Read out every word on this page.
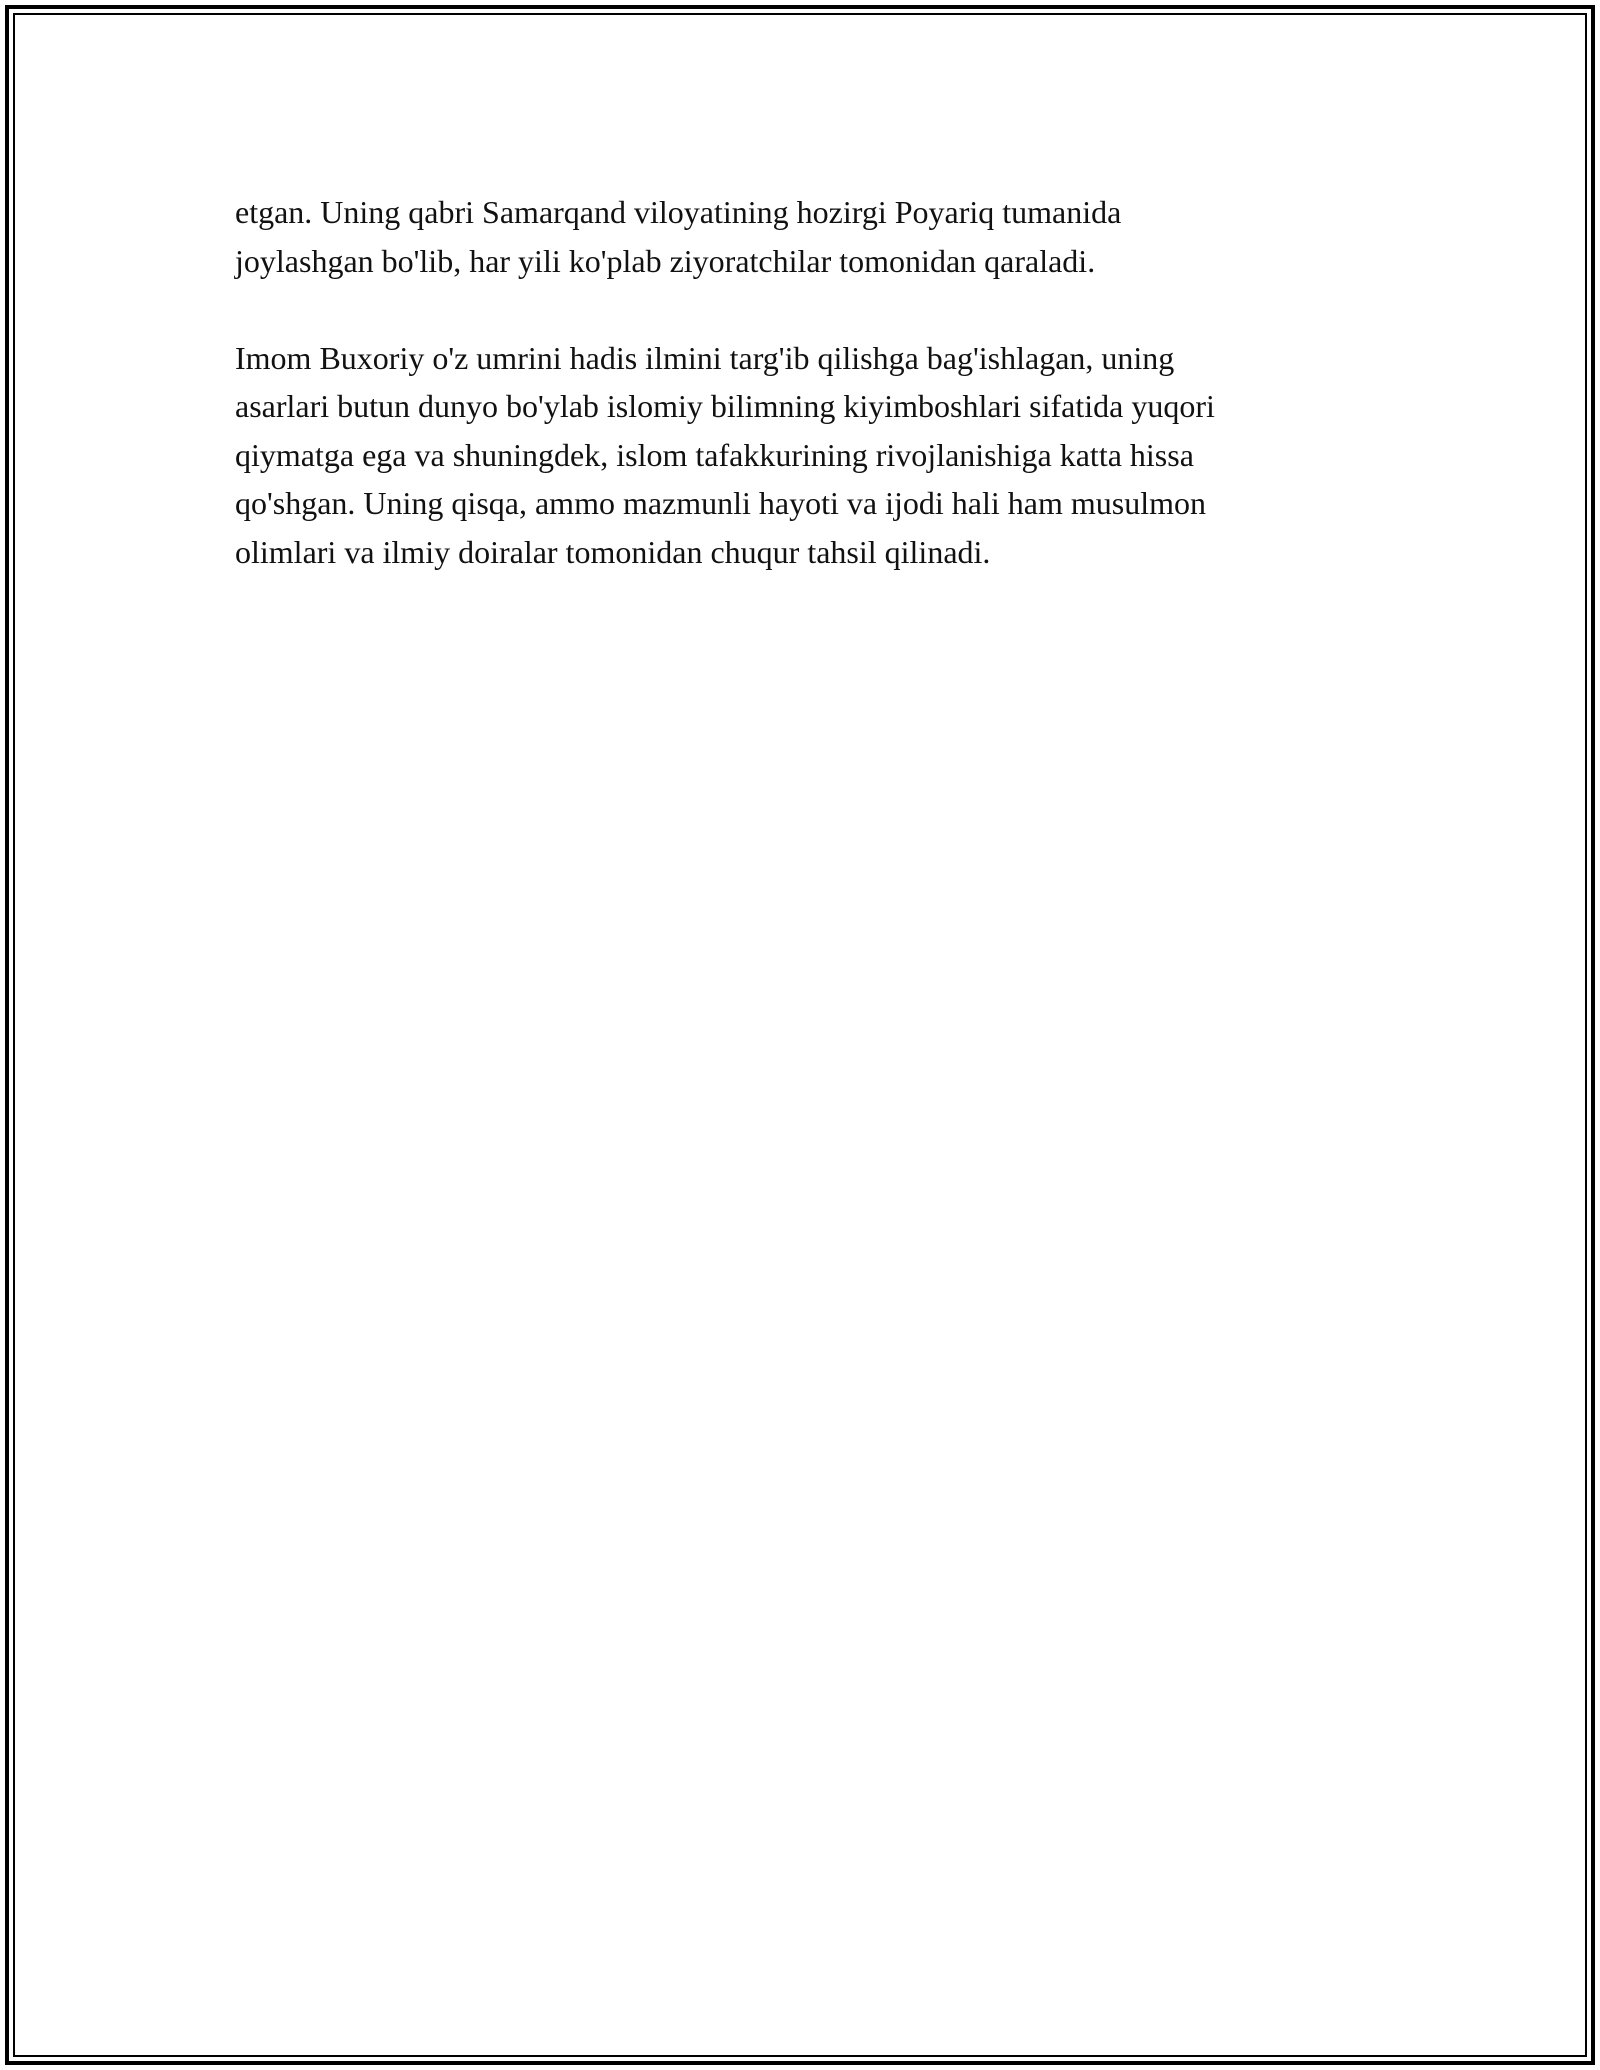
etgan. Uning qabri Samarqand viloyatining hozirgi Poyariq tumanida
joylashgan bo'lib, har yili ko'plab ziyoratchilar tomonidan qaraladi.

Imom Buxoriy o'z umrini hadis ilmini targ'ib qilishga bag'ishlagan, uning
asarlari butun dunyo bo'ylab islomiy bilimning kiyimboshlari sifatida yuqori
qiymatga ega va shuningdek, islom tafakkurining rivojlanishiga katta hissa
qo'shgan. Uning qisqa, ammo mazmunli hayoti va ijodi hali ham musulmon
olimlari va ilmiy doiralar tomonidan chuqur tahsil qilinadi.
